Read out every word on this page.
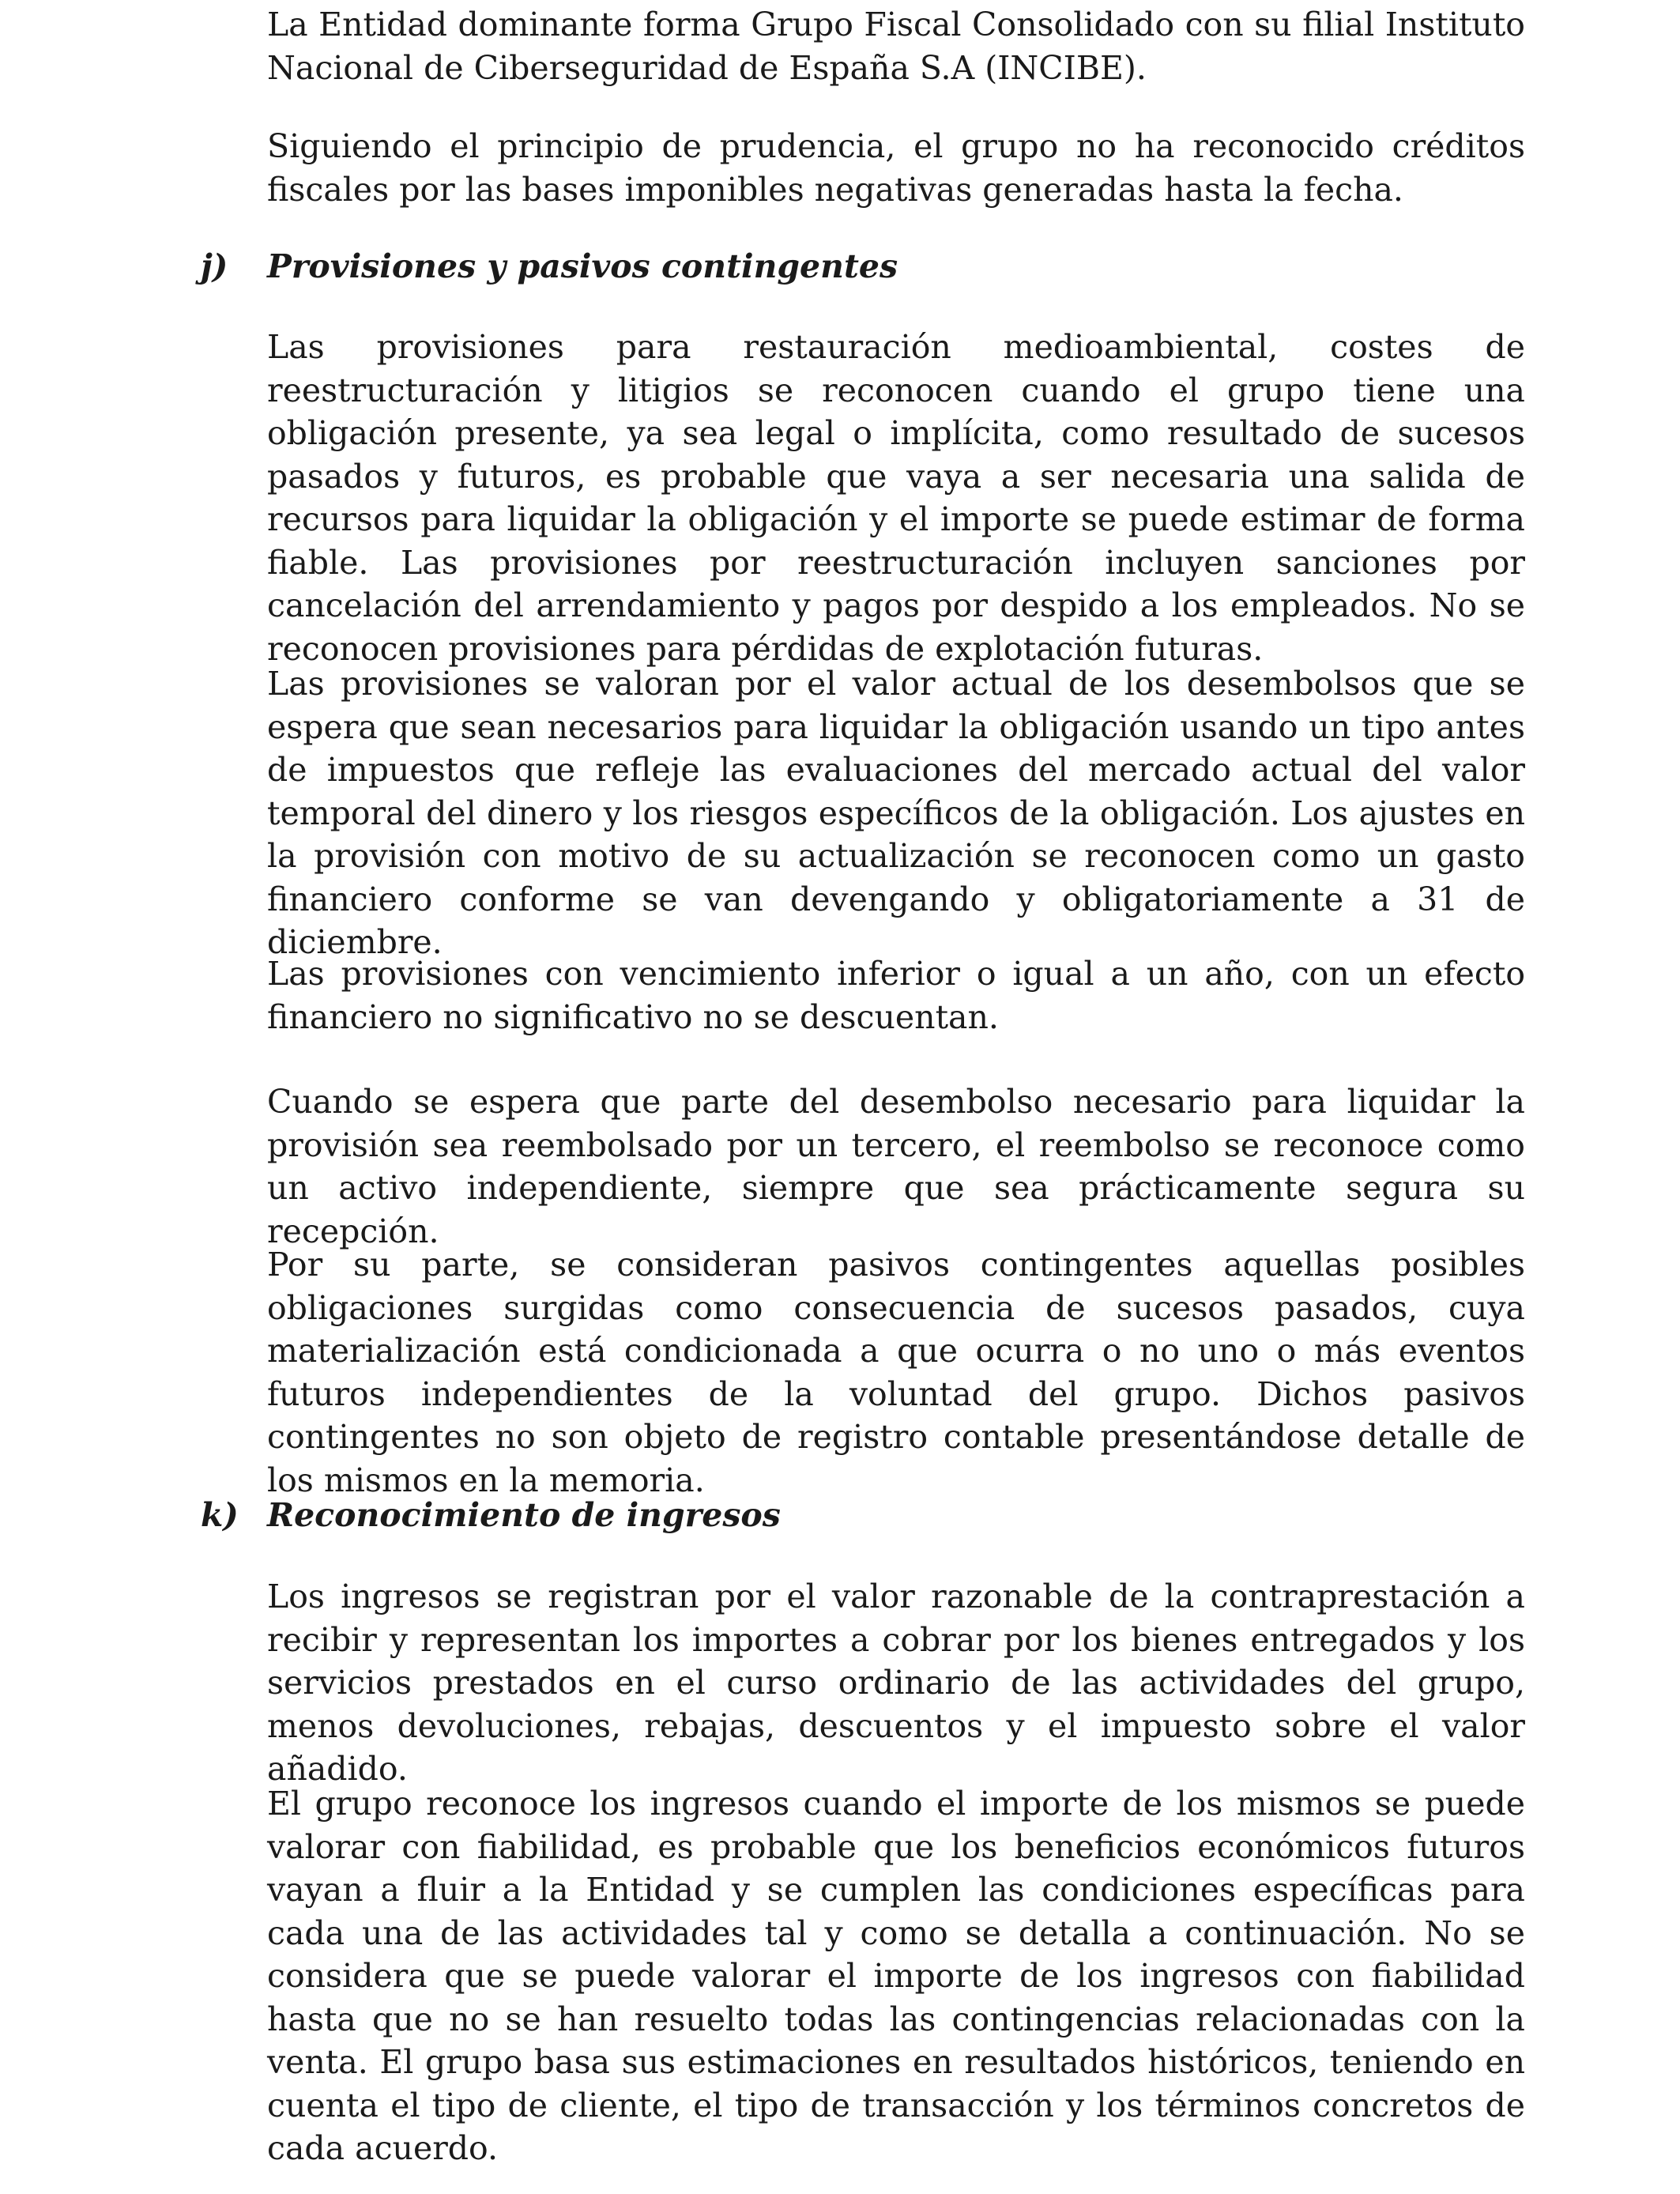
La Entidad dominante forma Grupo Fiscal Consolidado con su filial Instituto Nacional de Ciberseguridad de España S.A (INCIBE).

Siguiendo el principio de prudencia, el grupo no ha reconocido créditos fiscales por las bases imponibles negativas generadas hasta la fecha.

j) Provisiones y pasivos contingentes

Las provisiones para restauración medioambiental, costes de reestructuración y litigios se reconocen cuando el grupo tiene una obligación presente, ya sea legal o implícita, como resultado de sucesos pasados y futuros, es probable que vaya a ser necesaria una salida de recursos para liquidar la obligación y el importe se puede estimar de forma fiable. Las provisiones por reestructuración incluyen sanciones por cancelación del arrendamiento y pagos por despido a los empleados. No se reconocen provisiones para pérdidas de explotación futuras.

Las provisiones se valoran por el valor actual de los desembolsos que se espera que sean necesarios para liquidar la obligación usando un tipo antes de impuestos que refleje las evaluaciones del mercado actual del valor temporal del dinero y los riesgos específicos de la obligación. Los ajustes en la provisión con motivo de su actualización se reconocen como un gasto financiero conforme se van devengando y obligatoriamente a 31 de diciembre.

Las provisiones con vencimiento inferior o igual a un año, con un efecto financiero no significativo no se descuentan.

Cuando se espera que parte del desembolso necesario para liquidar la provisión sea reembolsado por un tercero, el reembolso se reconoce como un activo independiente, siempre que sea prácticamente segura su recepción.

Por su parte, se consideran pasivos contingentes aquellas posibles obligaciones surgidas como consecuencia de sucesos pasados, cuya materialización está condicionada a que ocurra o no uno o más eventos futuros independientes de la voluntad del grupo. Dichos pasivos contingentes no son objeto de registro contable presentándose detalle de los mismos en la memoria.

k) Reconocimiento de ingresos

Los ingresos se registran por el valor razonable de la contraprestación a recibir y representan los importes a cobrar por los bienes entregados y los servicios prestados en el curso ordinario de las actividades del grupo, menos devoluciones, rebajas, descuentos y el impuesto sobre el valor añadido.

El grupo reconoce los ingresos cuando el importe de los mismos se puede valorar con fiabilidad, es probable que los beneficios económicos futuros vayan a fluir a la Entidad y se cumplen las condiciones específicas para cada una de las actividades tal y como se detalla a continuación. No se considera que se puede valorar el importe de los ingresos con fiabilidad hasta que no se han resuelto todas las contingencias relacionadas con la venta. El grupo basa sus estimaciones en resultados históricos, teniendo en cuenta el tipo de cliente, el tipo de transacción y los términos concretos de cada acuerdo.
